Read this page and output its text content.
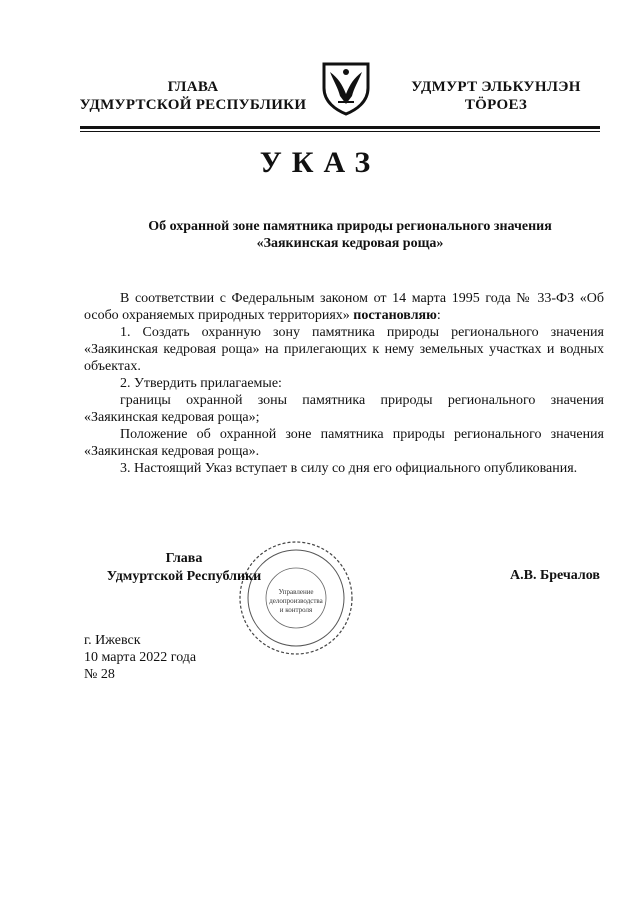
ГЛАВА
УДМУРТСКОЙ РЕСПУБЛИКИ
УДМУРТ ЭЛЬКУНЛЭН
ТӦРОЕЗ
УКАЗ
Об охранной зоне памятника природы регионального значения
«Заякинская кедровая роща»
В соответствии с Федеральным законом от 14 марта 1995 года № 33-ФЗ «Об особо охраняемых природных территориях» постановляю:
1. Создать охранную зону памятника природы регионального значения «Заякинская кедровая роща» на прилегающих к нему земельных участках и водных объектах.
2. Утвердить прилагаемые:
границы охранной зоны памятника природы регионального значения «Заякинская кедровая роща»;
Положение об охранной зоне памятника природы регионального значения «Заякинская кедровая роща».
3. Настоящий Указ вступает в силу со дня его официального опубликования.
Управление
делопроизводства
и контроля
Глава
Удмуртской Республики	А.В. Бречалов
г. Ижевск
10 марта 2022 года
№ 28
